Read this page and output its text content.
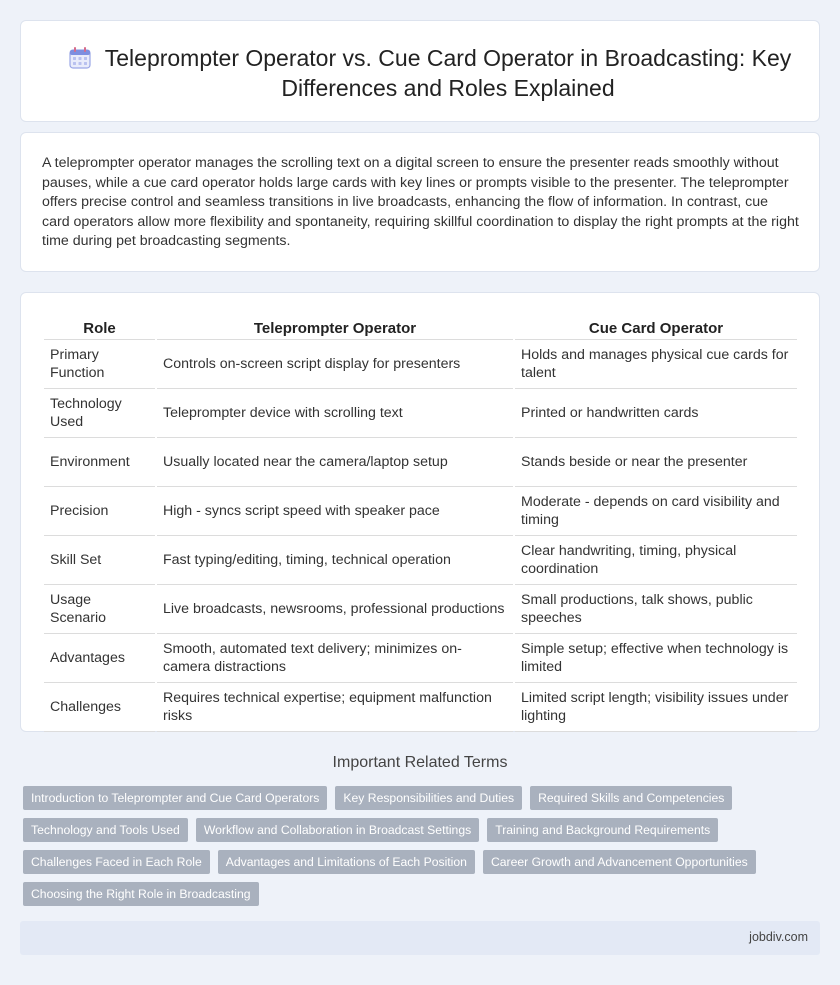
Teleprompter Operator vs. Cue Card Operator in Broadcasting: Key Differences and Roles Explained

A teleprompter operator manages the scrolling text on a digital screen to ensure the presenter reads smoothly without pauses, while a cue card operator holds large cards with key lines or prompts visible to the presenter. The teleprompter offers precise control and seamless transitions in live broadcasts, enhancing the flow of information. In contrast, cue card operators allow more flexibility and spontaneity, requiring skillful coordination to display the right prompts at the right time during pet broadcasting segments.

Role	Teleprompter Operator	Cue Card Operator
Primary Function	Controls on-screen script display for presenters	Holds and manages physical cue cards for talent
Technology Used	Teleprompter device with scrolling text	Printed or handwritten cards
Environment	Usually located near the camera/laptop setup	Stands beside or near the presenter
Precision	High - syncs script speed with speaker pace	Moderate - depends on card visibility and timing
Skill Set	Fast typing/editing, timing, technical operation	Clear handwriting, timing, physical coordination
Usage Scenario	Live broadcasts, newsrooms, professional productions	Small productions, talk shows, public speeches
Advantages	Smooth, automated text delivery; minimizes on-camera distractions	Simple setup; effective when technology is limited
Challenges	Requires technical expertise; equipment malfunction risks	Limited script length; visibility issues under lighting
Important Related Terms
Introduction to Teleprompter and Cue Card Operators	Key Responsibilities and Duties	Required Skills and Competencies
Technology and Tools Used	Workflow and Collaboration in Broadcast Settings	Training and Background Requirements
Challenges Faced in Each Role	Advantages and Limitations of Each Position	Career Growth and Advancement Opportunities
Choosing the Right Role in Broadcasting
jobdiv.com
